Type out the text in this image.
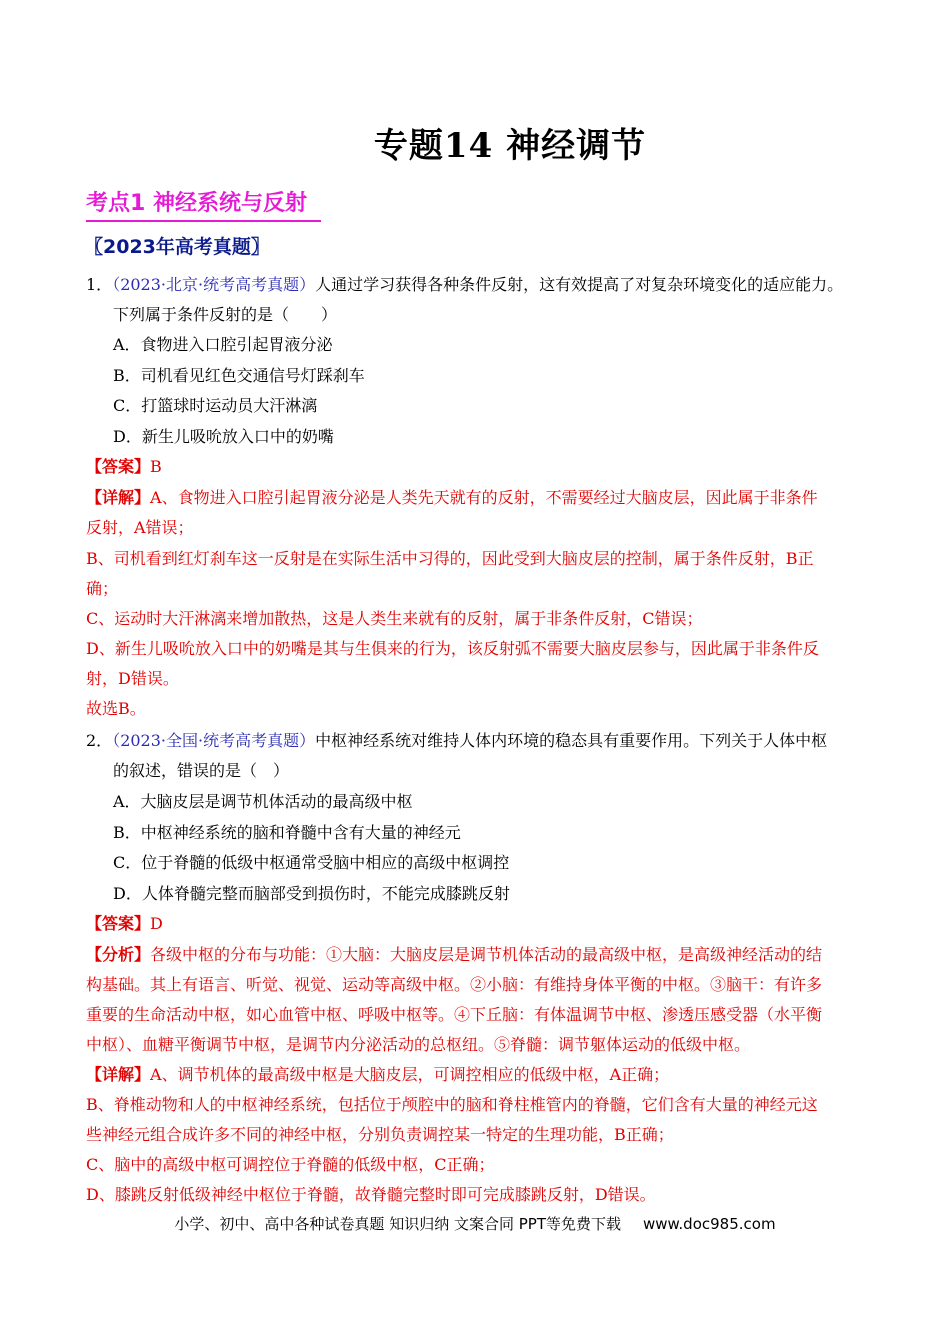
专题14 神经调节
考点1 神经系统与反射
〖2023年高考真题〗
1．（2023·北京·统考高考真题）人通过学习获得各种条件反射，这有效提高了对复杂环境变化的适应能力。
下列属于条件反射的是（　　）
A．食物进入口腔引起胃液分泌
B．司机看见红色交通信号灯踩刹车
C．打篮球时运动员大汗淋漓
D．新生儿吸吮放入口中的奶嘴
【答案】B
【详解】A、食物进入口腔引起胃液分泌是人类先天就有的反射，不需要经过大脑皮层，因此属于非条件
反射，A错误；
B、司机看到红灯刹车这一反射是在实际生活中习得的，因此受到大脑皮层的控制，属于条件反射，B正
确；
C、运动时大汗淋漓来增加散热，这是人类生来就有的反射，属于非条件反射，C错误；
D、新生儿吸吮放入口中的奶嘴是其与生俱来的行为，该反射弧不需要大脑皮层参与，因此属于非条件反
射，D错误。
故选B。
2．（2023·全国·统考高考真题）中枢神经系统对维持人体内环境的稳态具有重要作用。下列关于人体中枢
的叙述，错误的是（　）
A．大脑皮层是调节机体活动的最高级中枢
B．中枢神经系统的脑和脊髓中含有大量的神经元
C．位于脊髓的低级中枢通常受脑中相应的高级中枢调控
D．人体脊髓完整而脑部受到损伤时，不能完成膝跳反射
【答案】D
【分析】各级中枢的分布与功能：①大脑：大脑皮层是调节机体活动的最高级中枢，是高级神经活动的结
构基础。其上有语言、听觉、视觉、运动等高级中枢。②小脑：有维持身体平衡的中枢。③脑干：有许多
重要的生命活动中枢，如心血管中枢、呼吸中枢等。④下丘脑：有体温调节中枢、渗透压感受器（水平衡
中枢）、血糖平衡调节中枢，是调节内分泌活动的总枢纽。⑤脊髓：调节躯体运动的低级中枢。
【详解】A、调节机体的最高级中枢是大脑皮层，可调控相应的低级中枢，A正确；
B、脊椎动物和人的中枢神经系统，包括位于颅腔中的脑和脊柱椎管内的脊髓，它们含有大量的神经元这
些神经元组合成许多不同的神经中枢，分别负责调控某一特定的生理功能，B正确；
C、脑中的高级中枢可调控位于脊髓的低级中枢，C正确；
D、膝跳反射低级神经中枢位于脊髓，故脊髓完整时即可完成膝跳反射，D错误。
小学、初中、高中各种试卷真题 知识归纳 文案合同 PPT等免费下载 www.doc985.com
